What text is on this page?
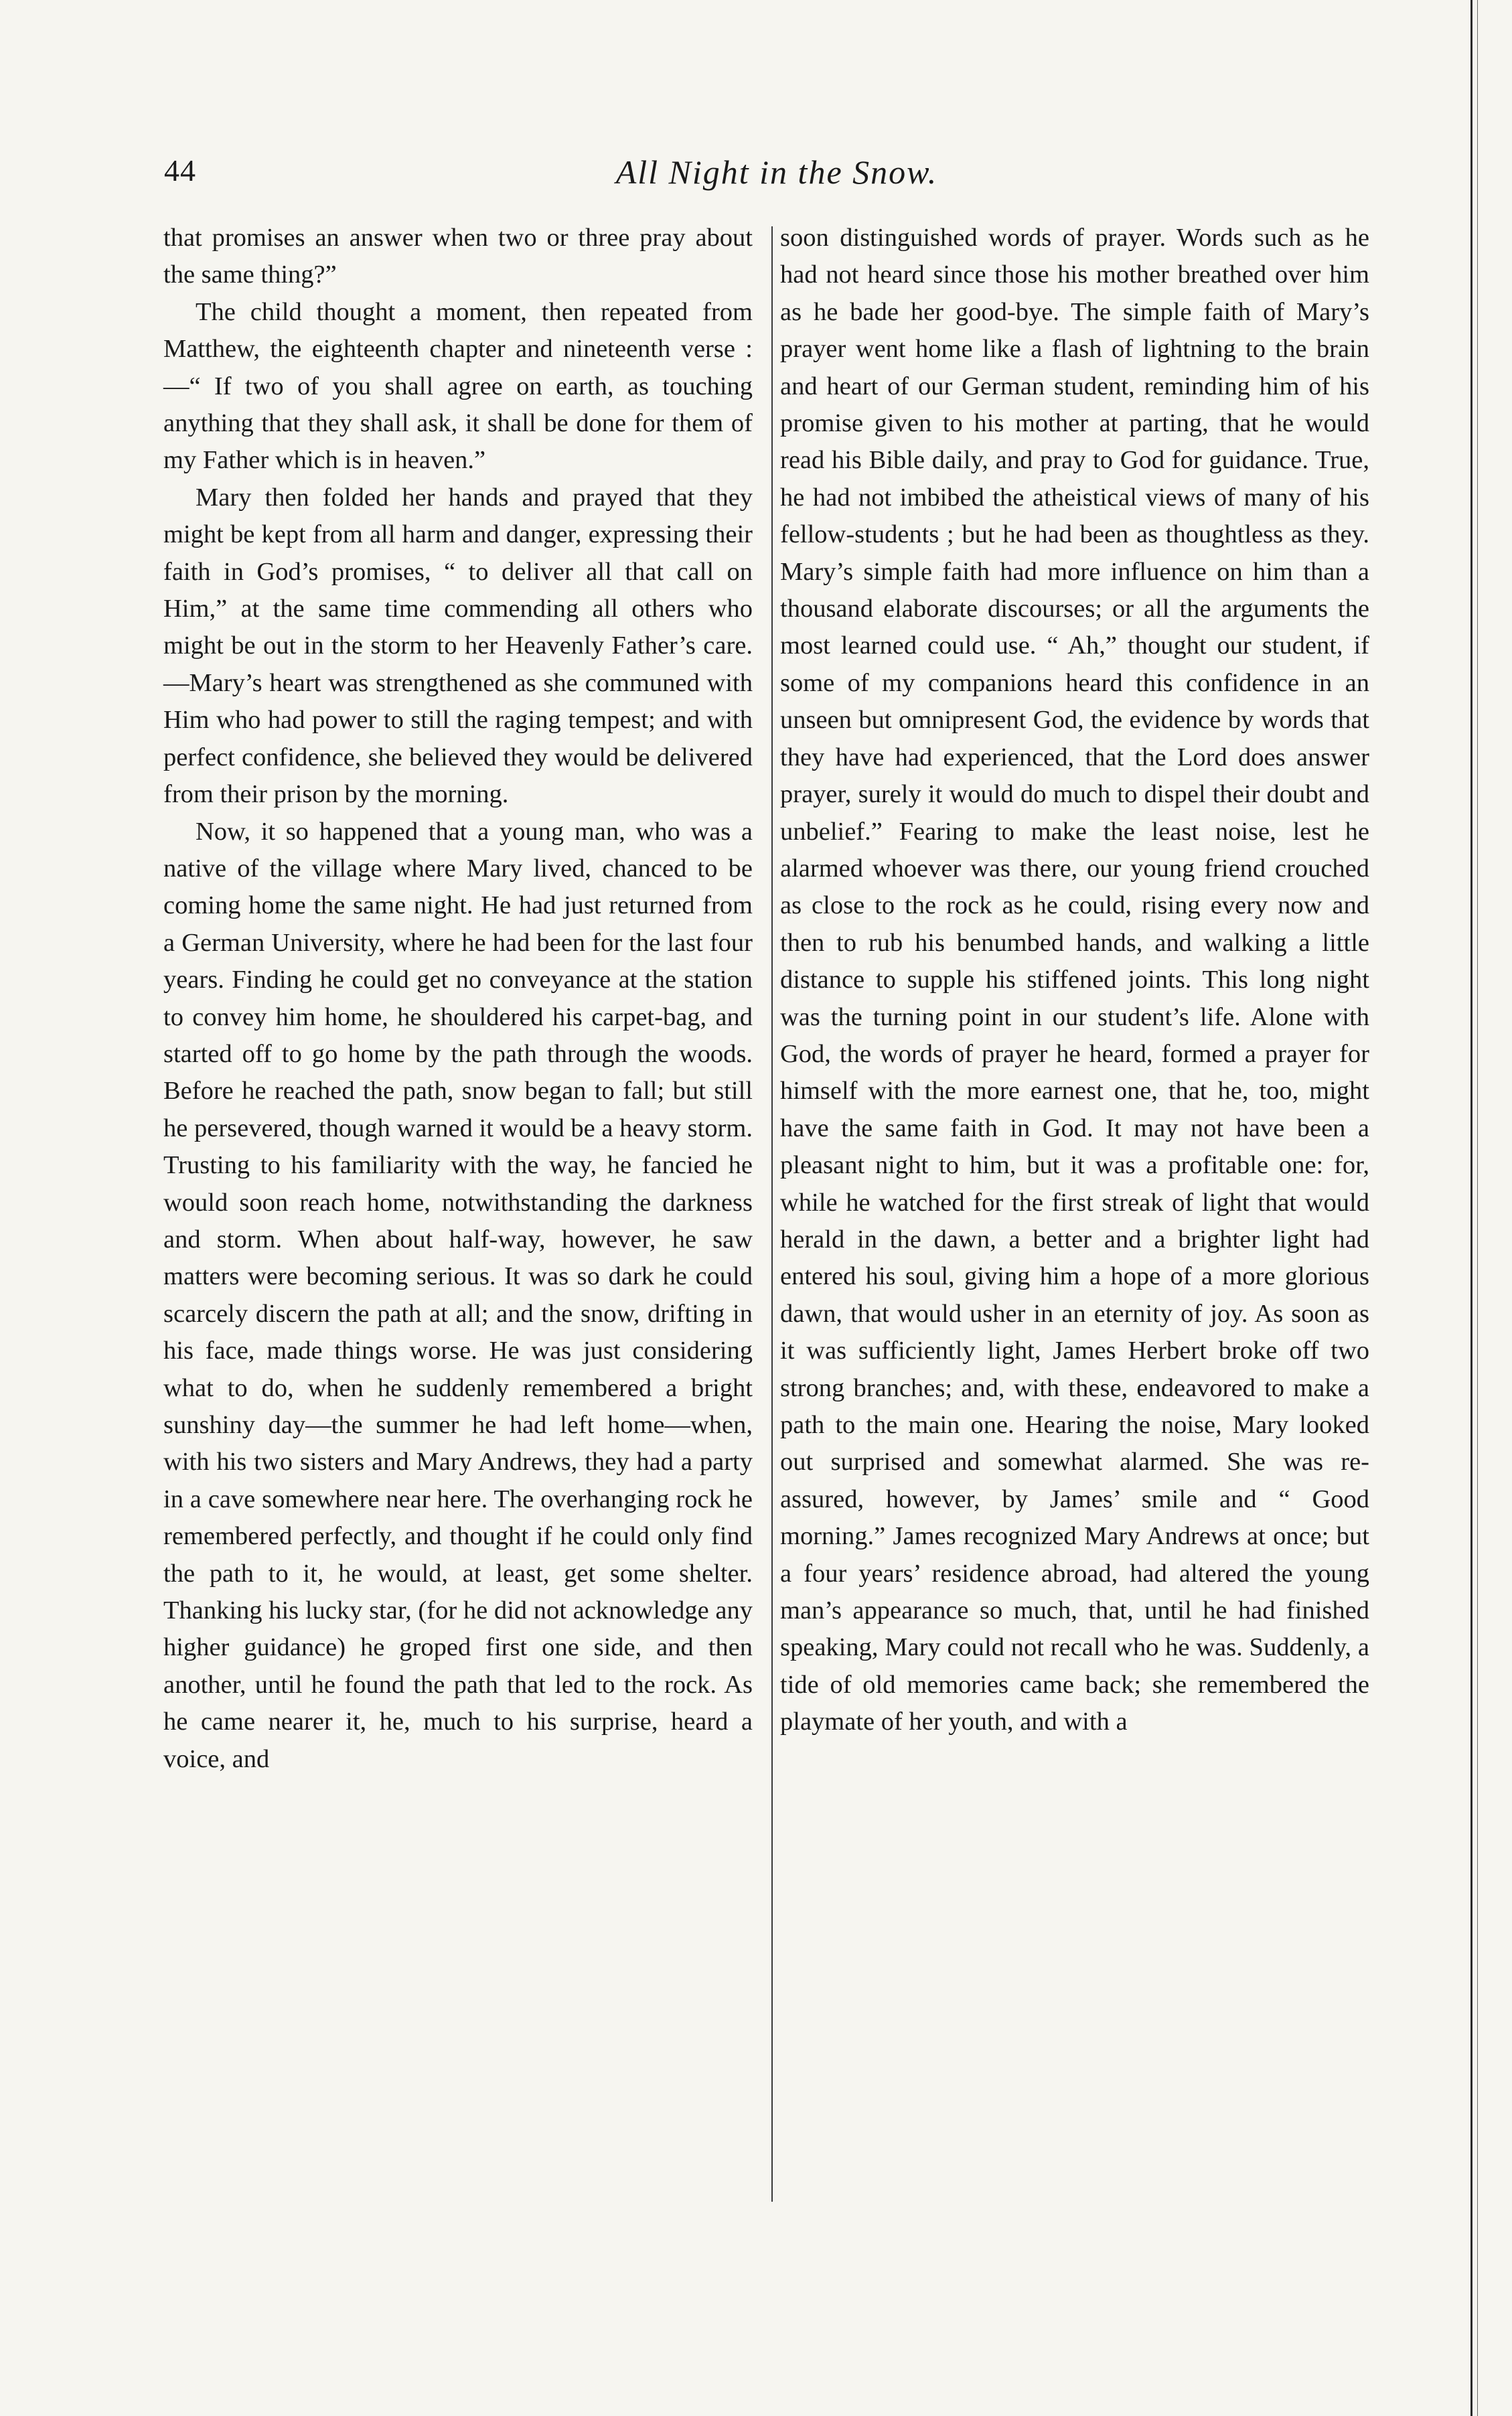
44	All Night in the Snow.

that promises an answer when two or three pray about the same thing?”

The child thought a moment, then repeated from Matthew, the eighteenth chapter and nineteenth verse :—“ If two of you shall agree on earth, as touching anything that they shall ask, it shall be done for them of my Father which is in heaven.”

Mary then folded her hands and prayed that they might be kept from all harm and danger, expressing their faith in God’s promises, “ to deliver all that call on Him,” at the same time commending all others who might be out in the storm to her Heavenly Father’s care.—Mary’s heart was strengthened as she communed with Him who had power to still the raging tempest; and with perfect confidence, she believed they would be delivered from their prison by the morning.

Now, it so happened that a young man, who was a native of the village where Mary lived, chanced to be coming home the same night. He had just returned from a German University, where he had been for the last four years. Finding he could get no conveyance at the station to convey him home, he shouldered his carpet-bag, and started off to go home by the path through the woods. Before he reached the path, snow began to fall; but still he persevered, though warned it would be a heavy storm. Trusting to his familiarity with the way, he fancied he would soon reach home, notwithstanding the darkness and storm. When about half-way, however, he saw matters were becoming serious. It was so dark he could scarcely discern the path at all; and the snow, drifting in his face, made things worse. He was just considering what to do, when he suddenly remembered a bright sunshiny day—the summer he had left home—when, with his two sisters and Mary Andrews, they had a party in a cave somewhere near here. The overhanging rock he remembered perfectly, and thought if he could only find the path to it, he would, at least, get some shelter. Thanking his lucky star, (for he did not acknowledge any higher guidance) he groped first one side, and then another, until he found the path that led to the rock. As he came nearer it, he, much to his surprise, heard a voice, and

soon distinguished words of prayer. Words such as he had not heard since those his mother breathed over him as he bade her good-bye. The simple faith of Mary’s prayer went home like a flash of lightning to the brain and heart of our German student, reminding him of his promise given to his mother at parting, that he would read his Bible daily, and pray to God for guidance. True, he had not imbibed the atheistical views of many of his fellow-students ; but he had been as thoughtless as they. Mary’s simple faith had more influence on him than a thousand elaborate discourses; or all the arguments the most learned could use. “ Ah,” thought our student, if some of my companions heard this confidence in an unseen but omnipresent God, the evidence by words that they have had experienced, that the Lord does answer prayer, surely it would do much to dispel their doubt and unbelief.” Fearing to make the least noise, lest he alarmed whoever was there, our young friend crouched as close to the rock as he could, rising every now and then to rub his benumbed hands, and walking a little distance to supple his stiffened joints. This long night was the turning point in our student’s life. Alone with God, the words of prayer he heard, formed a prayer for himself with the more earnest one, that he, too, might have the same faith in God. It may not have been a pleasant night to him, but it was a profitable one: for, while he watched for the first streak of light that would herald in the dawn, a better and a brighter light had entered his soul, giving him a hope of a more glorious dawn, that would usher in an eternity of joy. As soon as it was sufficiently light, James Herbert broke off two strong branches; and, with these, endeavored to make a path to the main one. Hearing the noise, Mary looked out surprised and somewhat alarmed. She was re-assured, however, by James’ smile and “ Good morning.” James recognized Mary Andrews at once; but a four years’ residence abroad, had altered the young man’s appearance so much, that, until he had finished speaking, Mary could not recall who he was. Suddenly, a tide of old memories came back; she remembered the playmate of her youth, and with a
